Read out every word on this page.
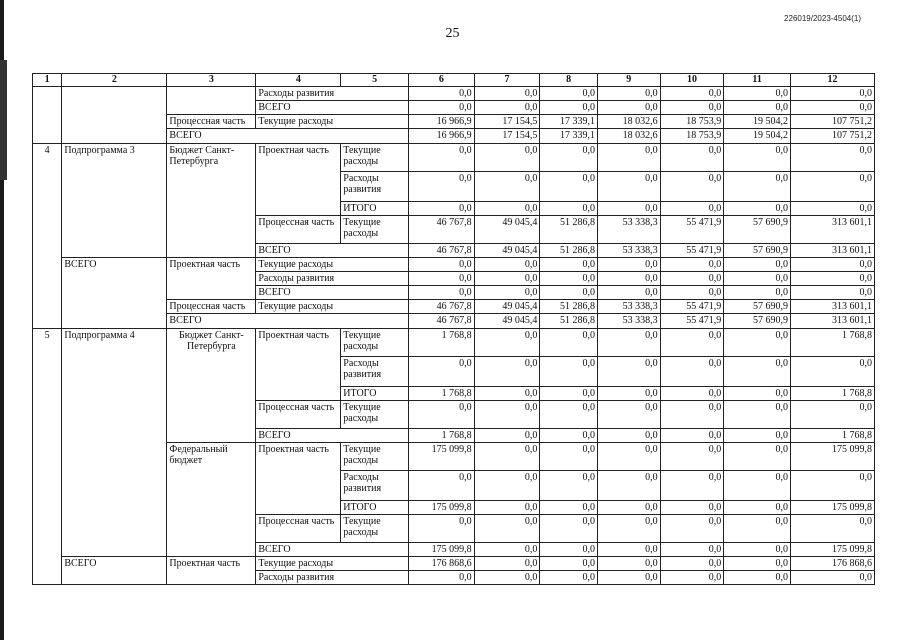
226019/2023-4504(1)
25
1	2	3	4	5	6	7	8	9	10	11	12
			Расходы развития		0,0	0,0	0,0	0,0	0,0	0,0	0,0
			ВСЕГО		0,0	0,0	0,0	0,0	0,0	0,0	0,0
		Процессная часть	Текущие расходы		16 966,9	17 154,5	17 339,1	18 032,6	18 753,9	19 504,2	107 751,2
		ВСЕГО			16 966,9	17 154,5	17 339,1	18 032,6	18 753,9	19 504,2	107 751,2
4	Подпрограмма 3	Бюджет Санкт-Петербурга	Проектная часть	Текущие расходы	0,0	0,0	0,0	0,0	0,0	0,0	0,0
				Расходы развития	0,0	0,0	0,0	0,0	0,0	0,0	0,0
				ИТОГО	0,0	0,0	0,0	0,0	0,0	0,0	0,0
			Процессная часть	Текущие расходы	46 767,8	49 045,4	51 286,8	53 338,3	55 471,9	57 690,9	313 601,1
			ВСЕГО		46 767,8	49 045,4	51 286,8	53 338,3	55 471,9	57 690,9	313 601,1
	ВСЕГО	Проектная часть	Текущие расходы		0,0	0,0	0,0	0,0	0,0	0,0	0,0
			Расходы развития		0,0	0,0	0,0	0,0	0,0	0,0	0,0
			ВСЕГО		0,0	0,0	0,0	0,0	0,0	0,0	0,0
		Процессная часть	Текущие расходы		46 767,8	49 045,4	51 286,8	53 338,3	55 471,9	57 690,9	313 601,1
		ВСЕГО			46 767,8	49 045,4	51 286,8	53 338,3	55 471,9	57 690,9	313 601,1
5	Подпрограмма 4	Бюджет Санкт-Петербурга	Проектная часть	Текущие расходы	1 768,8	0,0	0,0	0,0	0,0	0,0	1 768,8
				Расходы развития	0,0	0,0	0,0	0,0	0,0	0,0	0,0
				ИТОГО	1 768,8	0,0	0,0	0,0	0,0	0,0	1 768,8
			Процессная часть	Текущие расходы	0,0	0,0	0,0	0,0	0,0	0,0	0,0
			ВСЕГО		1 768,8	0,0	0,0	0,0	0,0	0,0	1 768,8
		Федеральный бюджет	Проектная часть	Текущие расходы	175 099,8	0,0	0,0	0,0	0,0	0,0	175 099,8
				Расходы развития	0,0	0,0	0,0	0,0	0,0	0,0	0,0
				ИТОГО	175 099,8	0,0	0,0	0,0	0,0	0,0	175 099,8
			Процессная часть	Текущие расходы	0,0	0,0	0,0	0,0	0,0	0,0	0,0
			ВСЕГО		175 099,8	0,0	0,0	0,0	0,0	0,0	175 099,8
	ВСЕГО	Проектная часть	Текущие расходы		176 868,6	0,0	0,0	0,0	0,0	0,0	176 868,6
			Расходы развития		0,0	0,0	0,0	0,0	0,0	0,0	0,0
